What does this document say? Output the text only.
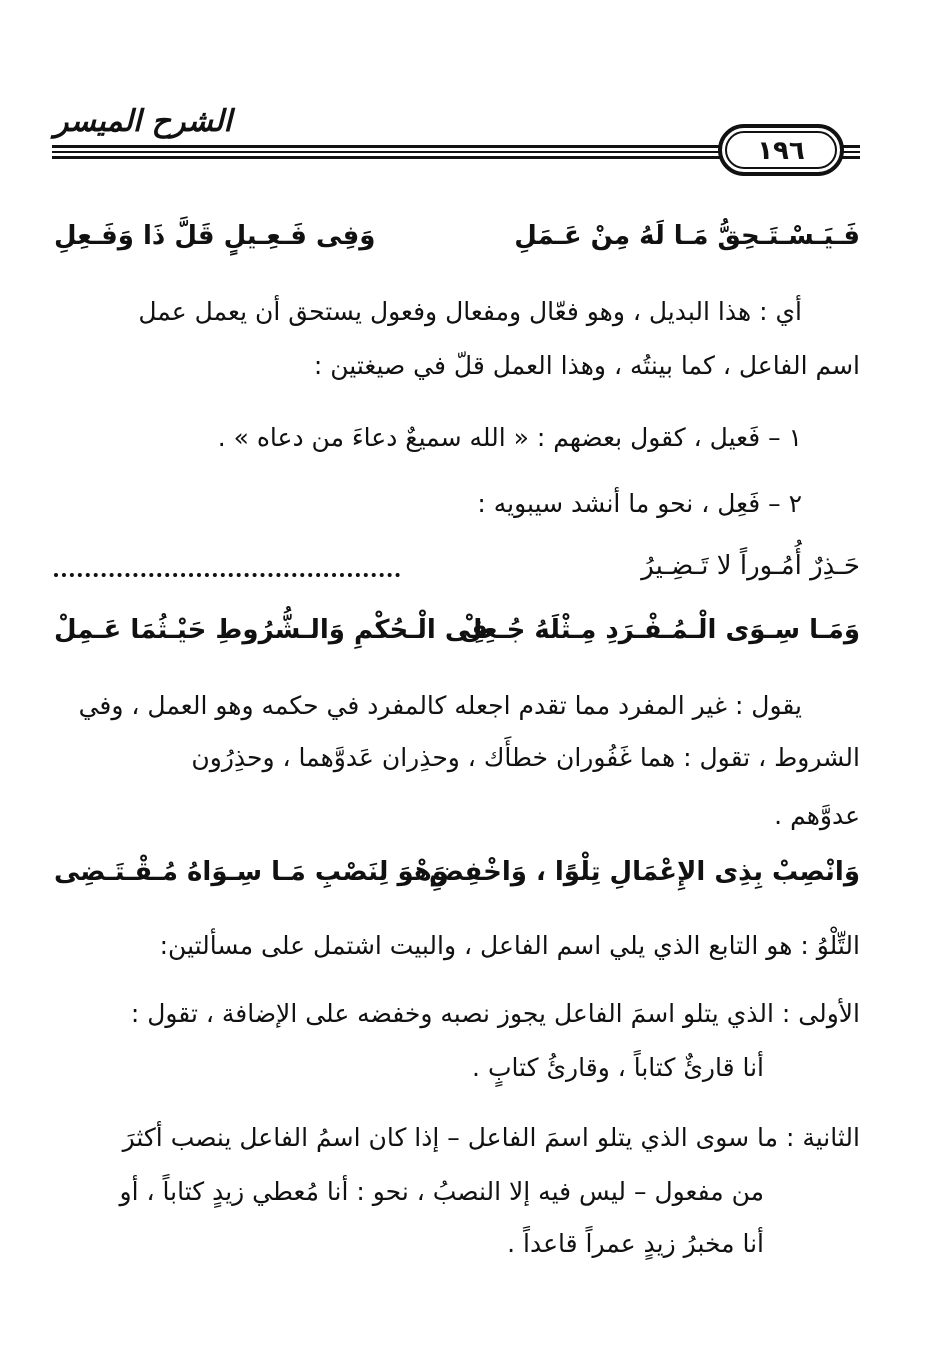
الشرح الميسر
١٩٦
فَـيَـسْـتَـحِقُّ مَـا لَهُ مِنْ عَـمَلِ
وَفِى فَـعِـيلٍ قَلَّ ذَا وَفَـعِلِ
أي : هذا البديل ، وهو فعّال ومفعال وفعول يستحق أن يعمل عمل
اسم الفاعل ، كما بينتُه ، وهذا العمل قلّ في صيغتين :
١ – فَعيل ، كقول بعضهم : « الله سميعٌ دعاءَ من دعاه » .
٢ – فَعِل ، نحو ما أنشد سيبويه :
حَـذِرٌ أُمُـوراً لا تَـضِـيرُ
وَمَـا سِـوَى الْـمُـفْـرَدِ مِـثْلَهُ جُـعِلْ
فِى الْـحُكْمِ وَالـشُّرُوطِ حَيْـثُمَا عَـمِلْ
يقول : غير المفرد مما تقدم اجعله كالمفرد في حكمه وهو العمل ، وفي
الشروط ، تقول : هما غَفُوران خطأَك ، وحذِران عَدوَّهما ، وحذِرُون
عدوَّهم .
وَانْصِبْ بِذِى الإِعْمَالِ تِلْوًا ، وَاخْفِضِ
وَهْوَ لِنَصْبِ مَـا سِـوَاهُ مُـقْـتَـضِى
التِّلْوُ : هو التابع الذي يلي اسم الفاعل ، والبيت اشتمل على مسألتين:
الأولى : الذي يتلو اسمَ الفاعل يجوز نصبه وخفضه على الإضافة ، تقول :
أنا قارئٌ كتاباً ، وقارئُ كتابٍ .
الثانية : ما سوى الذي يتلو اسمَ الفاعل – إذا كان اسمُ الفاعل ينصب أكثرَ
من مفعول – ليس فيه إلا النصبُ ، نحو : أنا مُعطي زيدٍ كتاباً ، أو
أنا مخبرُ زيدٍ عمراً قاعداً .
